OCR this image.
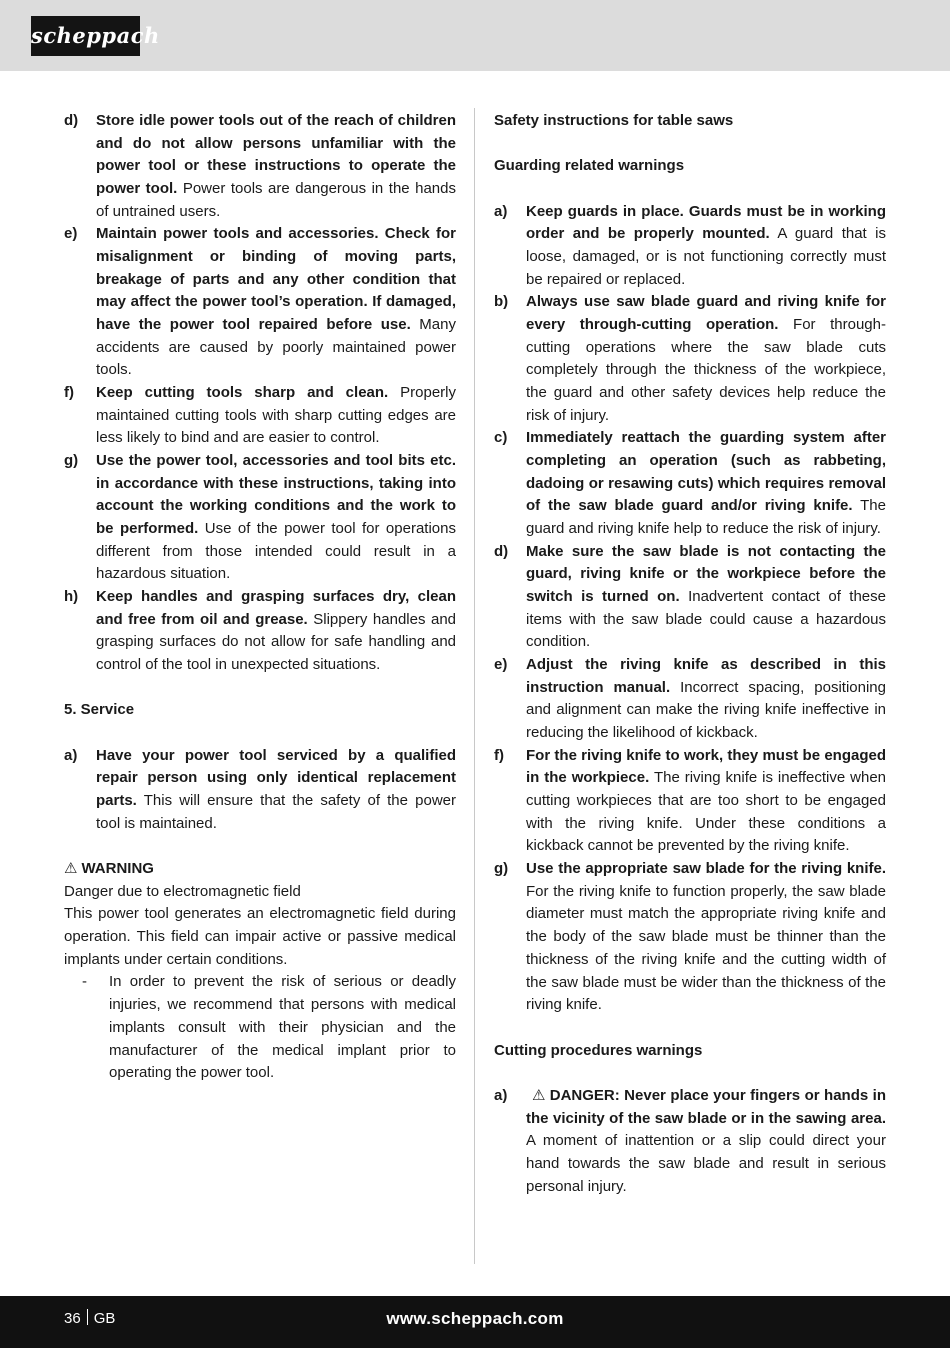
scheppach
d)	Store idle power tools out of the reach of children and do not allow persons unfamiliar with the power tool or these instructions to operate the power tool. Power tools are dangerous in the hands of untrained users.
e)	Maintain power tools and accessories. Check for misalignment or binding of moving parts, breakage of parts and any other condition that may affect the power tool’s operation. If damaged, have the power tool repaired before use. Many accidents are caused by poorly maintained power tools.
f)	Keep cutting tools sharp and clean. Properly maintained cutting tools with sharp cutting edges are less likely to bind and are easier to control.
g)	Use the power tool, accessories and tool bits etc. in accordance with these instructions, taking into account the working conditions and the work to be performed. Use of the power tool for operations different from those intended could result in a hazardous situation.
h)	Keep handles and grasping surfaces dry, clean and free from oil and grease. Slippery handles and grasping surfaces do not allow for safe handling and control of the tool in unexpected situations.
5. Service
a)	Have your power tool serviced by a qualified repair person using only identical replacement parts. This will ensure that the safety of the power tool is maintained.
⚠ WARNING
Danger due to electromagnetic field
This power tool generates an electromagnetic field during operation. This field can impair active or passive medical implants under certain conditions.
-	In order to prevent the risk of serious or deadly injuries, we recommend that persons with medical implants consult with their physician and the manufacturer of the medical implant prior to operating the power tool.
Safety instructions for table saws
Guarding related warnings
a)	Keep guards in place. Guards must be in working order and be properly mounted. A guard that is loose, damaged, or is not functioning correctly must be repaired or replaced.
b)	Always use saw blade guard and riving knife for every through-cutting operation. For through-cutting operations where the saw blade cuts completely through the thickness of the workpiece, the guard and other safety devices help reduce the risk of injury.
c)	Immediately reattach the guarding system after completing an operation (such as rabbeting, dadoing or resawing cuts) which requires removal of the saw blade guard and/or riving knife. The guard and riving knife help to reduce the risk of injury.
d)	Make sure the saw blade is not contacting the guard, riving knife or the workpiece before the switch is turned on. Inadvertent contact of these items with the saw blade could cause a hazardous condition.
e)	Adjust the riving knife as described in this instruction manual. Incorrect spacing, positioning and alignment can make the riving knife ineffective in reducing the likelihood of kickback.
f)	For the riving knife to work, they must be engaged in the workpiece. The riving knife is ineffective when cutting workpieces that are too short to be engaged with the riving knife. Under these conditions a kickback cannot be prevented by the riving knife.
g)	Use the appropriate saw blade for the riving knife. For the riving knife to function properly, the saw blade diameter must match the appropriate riving knife and the body of the saw blade must be thinner than the thickness of the riving knife and the cutting width of the saw blade must be wider than the thickness of the riving knife.
Cutting procedures warnings
a)	⚠ DANGER: Never place your fingers or hands in the vicinity of the saw blade or in the sawing area. A moment of inattention or a slip could direct your hand towards the saw blade and result in serious personal injury.
36 GB	www.scheppach.com
